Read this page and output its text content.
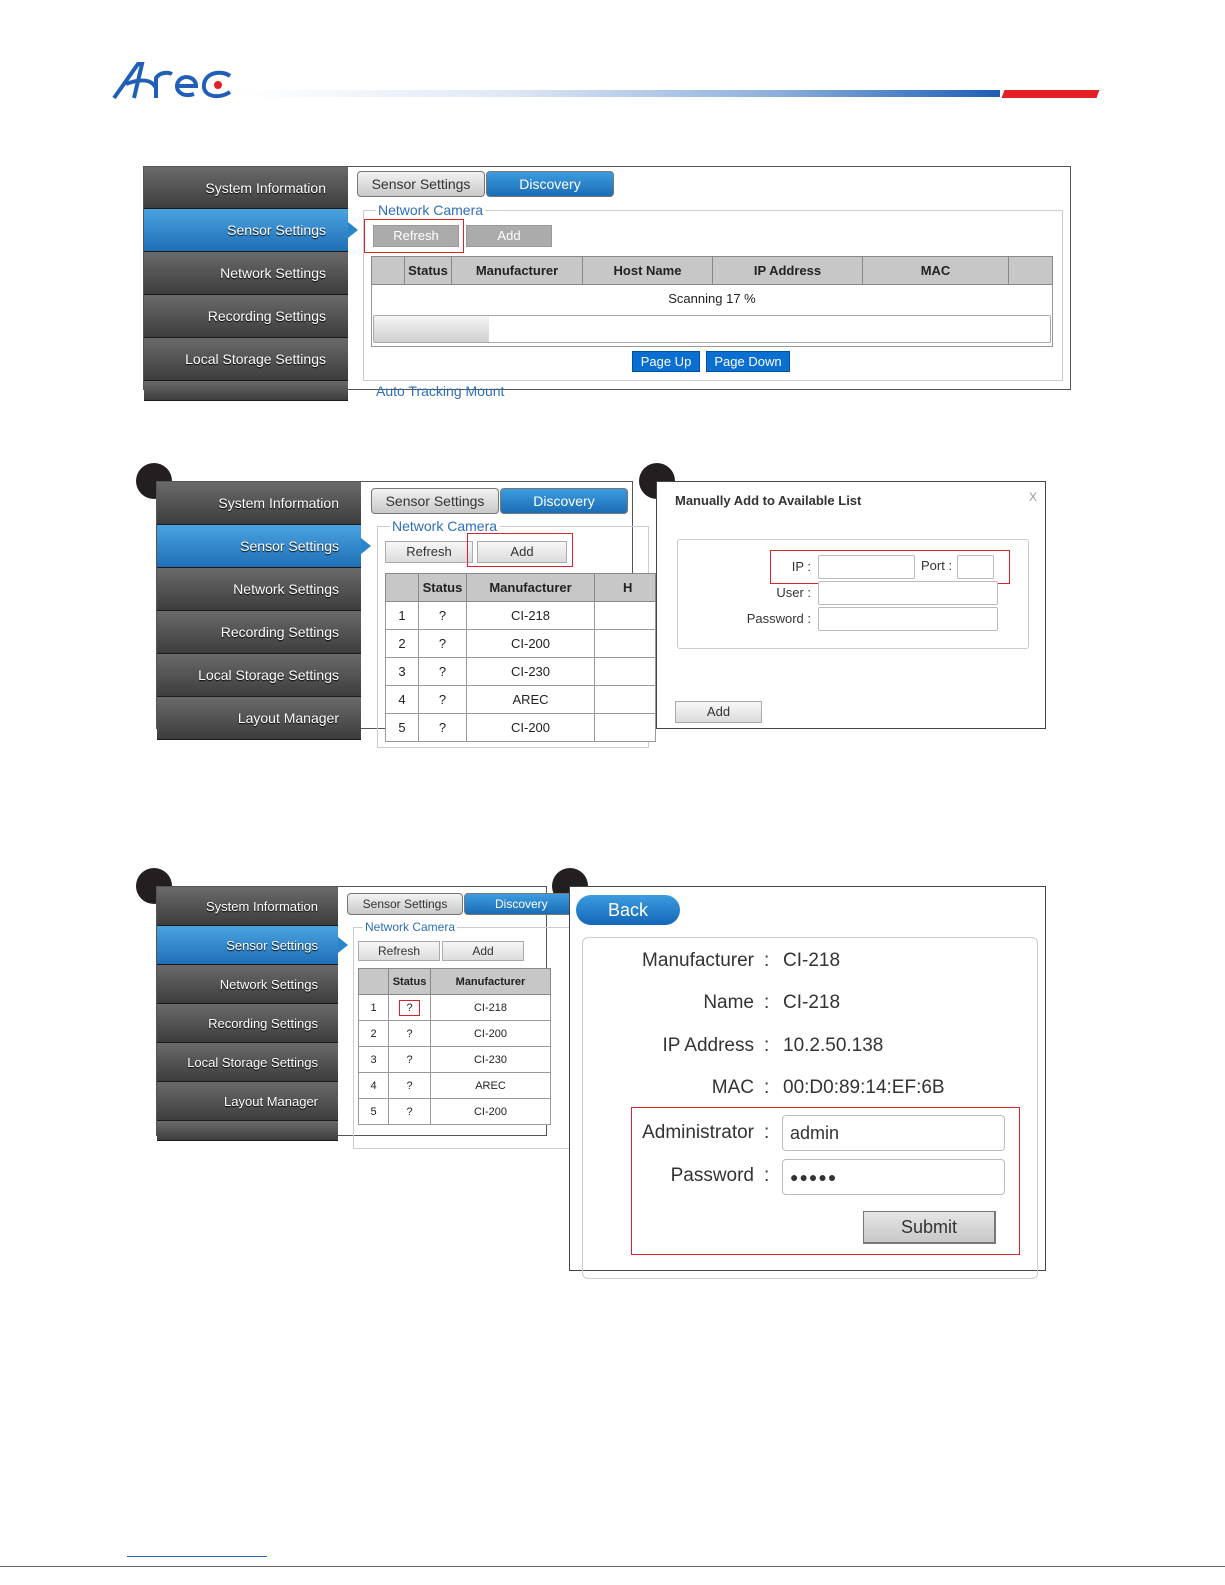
System Information
Sensor Settings
Network Settings
Recording Settings
Local Storage Settings
Sensor Settings	Discovery
Network Camera
Refresh	Add
	Status	Manufacturer	Host Name	IP Address	MAC	
Scanning 17 %

Page Up	Page Down
Auto Tracking Mount
System Information
Sensor Settings
Network Settings
Recording Settings
Local Storage Settings
Layout Manager
Sensor Settings	Discovery
Network Camera
Refresh	Add
	Status	Manufacturer	H
1	?	CI-218	
2	?	CI-200	
3	?	CI-230	
4	?	AREC	
5	?	CI-200	
Manually Add to Available List	X
IP :	Port :
User :
Password :
Add
System Information
Sensor Settings
Network Settings
Recording Settings
Local Storage Settings
Layout Manager
Sensor Settings	Discovery
Network Camera
Refresh	Add
	Status	Manufacturer
1	?	CI-218
2	?	CI-200
3	?	CI-230
4	?	AREC
5	?	CI-200
Back
Manufacturer : CI-218
Name : CI-218
IP Address : 10.2.50.138
MAC : 00:D0:89:14:EF:6B
Administrator :	admin
Password :	●●●●●
Submit
